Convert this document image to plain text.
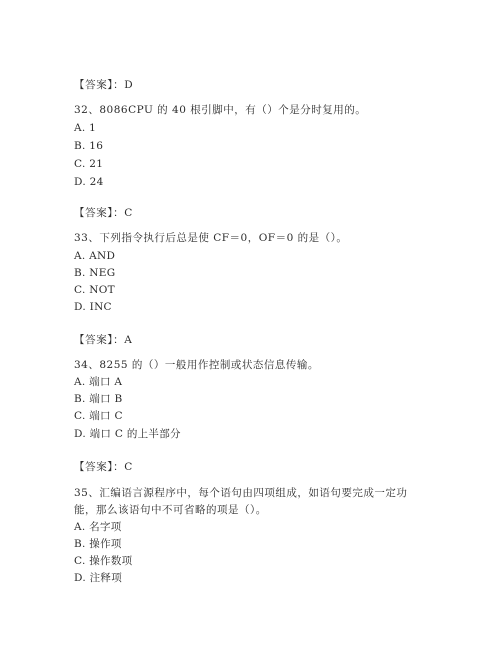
【答案】：D
32、8086CPU 的 40 根引脚中，有（）个是分时复用的。
A. 1
B. 16
C. 21
D. 24
【答案】：C
33、下列指令执行后总是使 CF＝0，OF＝0 的是（）。
A. AND
B. NEG
C. NOT
D. INC
【答案】：A
34、8255 的（）一般用作控制或状态信息传输。
A. 端口 A
B. 端口 B
C. 端口 C
D. 端口 C 的上半部分
【答案】：C
35、汇编语言源程序中，每个语句由四项组成，如语句要完成一定功
能，那么该语句中不可省略的项是（）。
A. 名字项
B. 操作项
C. 操作数项
D. 注释项
